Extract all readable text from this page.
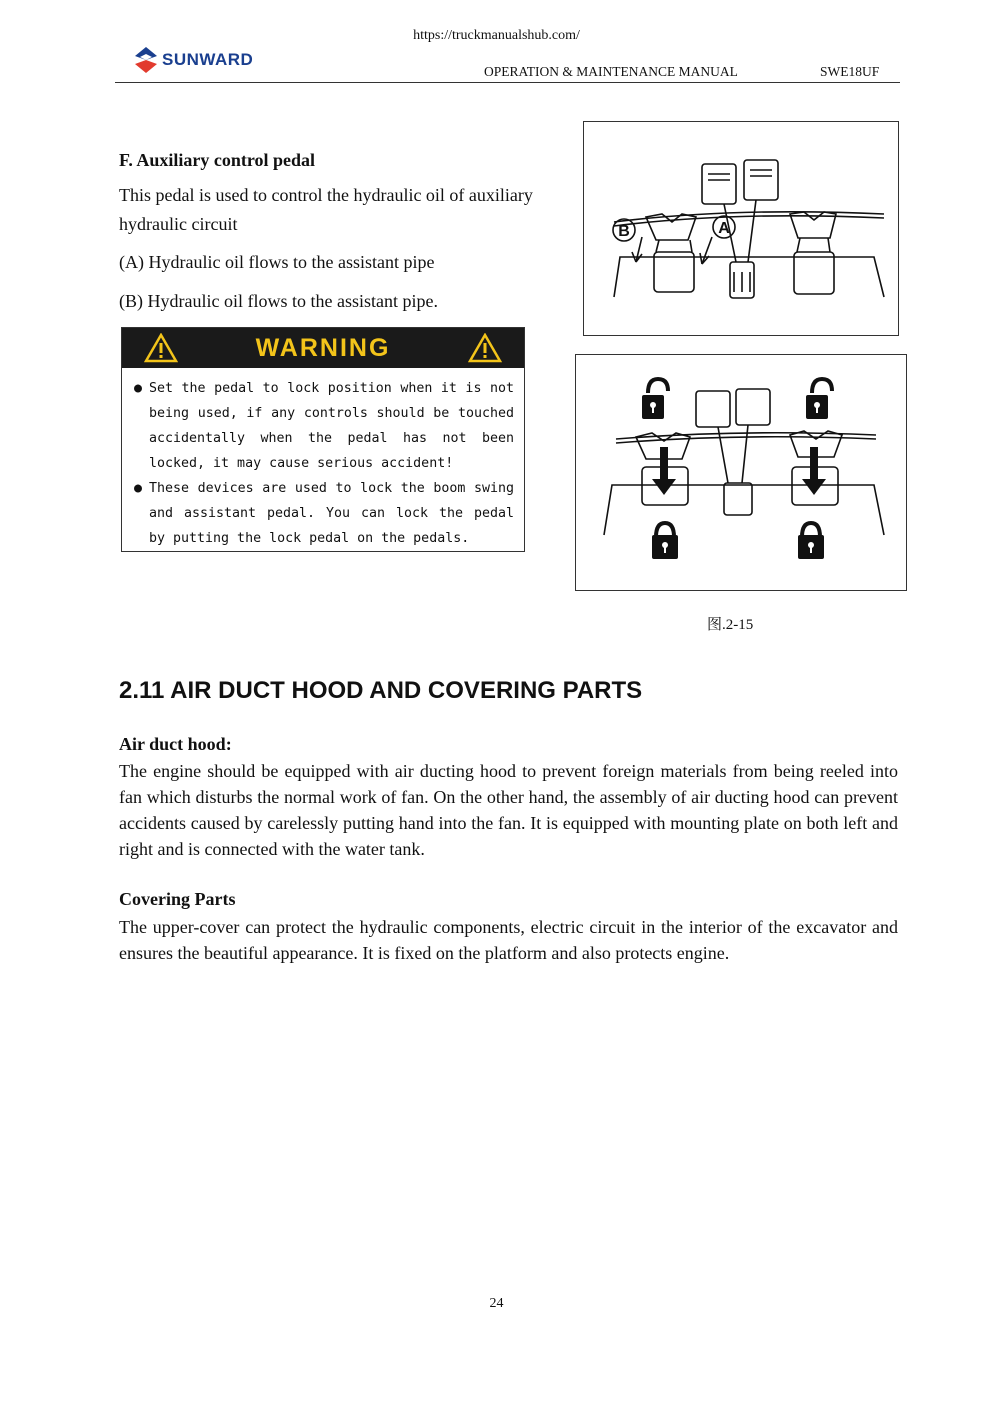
https://truckmanualshub.com/
SUNWARD
OPERATION & MAINTENANCE MANUAL	SWE18UF
F. Auxiliary control pedal
This pedal is used to control the hydraulic oil of auxiliary
hydraulic circuit
(A) Hydraulic oil flows to the assistant pipe
(B) Hydraulic oil flows to the assistant pipe.
WARNING
● Set the pedal to lock position when it is not being used, if any controls should be touched accidentally when the pedal has not been locked, it may cause serious accident!
● These devices are used to lock the boom swing and assistant pedal. You can lock the pedal by putting the lock pedal on the pedals.
B	A
图.2-15
2.11 AIR DUCT HOOD AND COVERING PARTS
Air duct hood:
The engine should be equipped with air ducting hood to prevent foreign materials from being reeled into fan which disturbs the normal work of fan. On the other hand, the assembly of air ducting hood can prevent accidents caused by carelessly putting hand into the fan. It is equipped with mounting plate on both left and right and is connected with the water tank.
Covering Parts
The upper-cover can protect the hydraulic components, electric circuit in the interior of the excavator and ensures the beautiful appearance. It is fixed on the platform and also protects engine.
24
